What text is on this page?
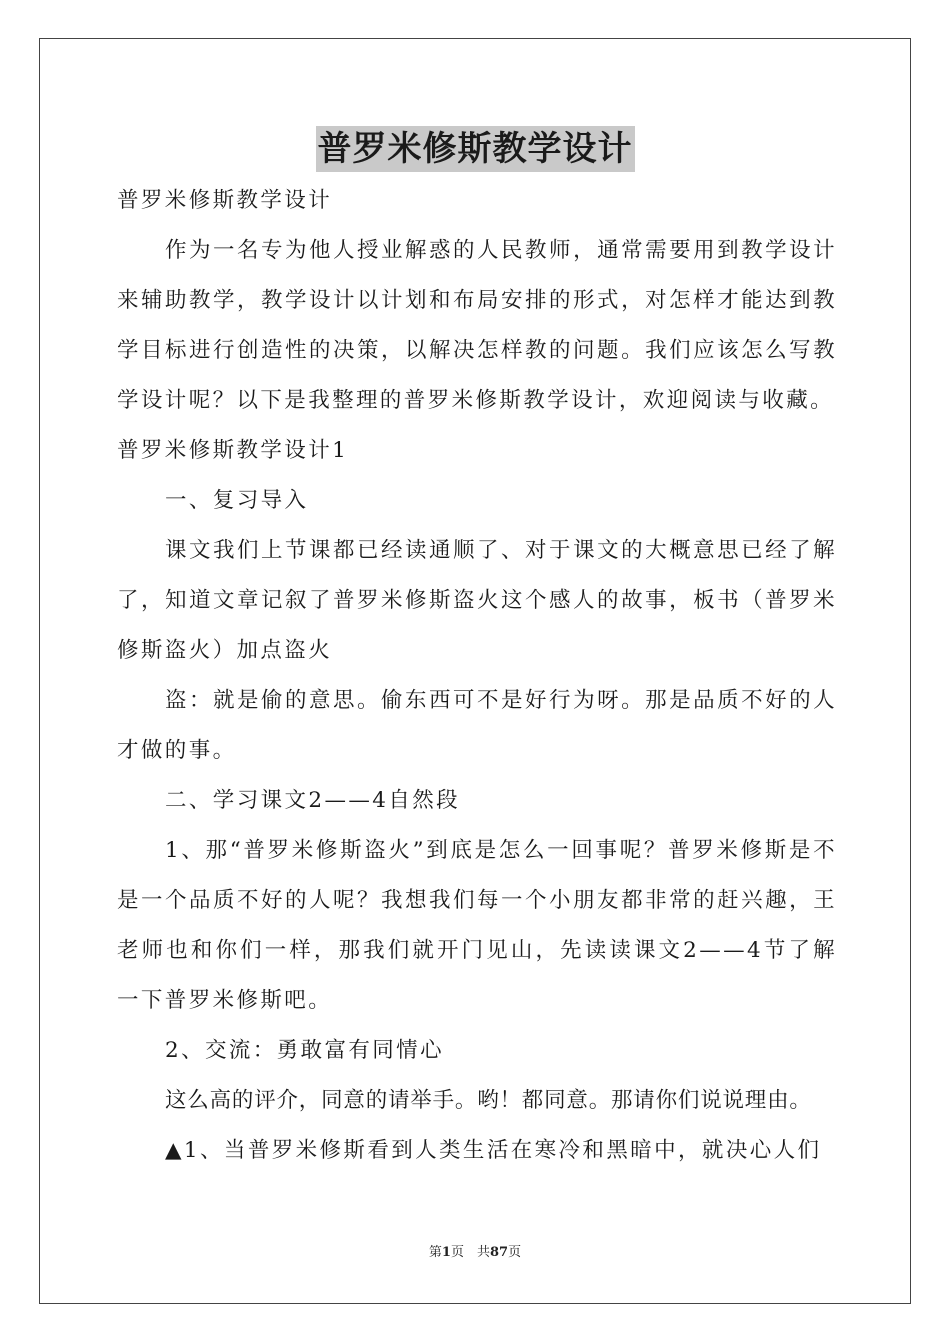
普罗米修斯教学设计

普罗米修斯教学设计

作为一名专为他人授业解惑的人民教师，通常需要用到教学设计来辅助教学，教学设计以计划和布局安排的形式，对怎样才能达到教学目标进行创造性的决策，以解决怎样教的问题。我们应该怎么写教学设计呢？以下是我整理的普罗米修斯教学设计，欢迎阅读与收藏。

普罗米修斯教学设计1

一、复习导入

课文我们上节课都已经读通顺了、对于课文的大概意思已经了解了，知道文章记叙了普罗米修斯盗火这个感人的故事，板书（普罗米修斯盗火）加点盗火

盗：就是偷的意思。偷东西可不是好行为呀。那是品质不好的人才做的事。

二、学习课文2——4自然段

1、那“普罗米修斯盗火”到底是怎么一回事呢？普罗米修斯是不是一个品质不好的人呢？我想我们每一个小朋友都非常的赶兴趣，王老师也和你们一样，那我们就开门见山，先读读课文2——4节了解一下普罗米修斯吧。

2、交流：勇敢富有同情心

这么高的评介，同意的请举手。哟！都同意。那请你们说说理由。

▲1、当普罗米修斯看到人类生活在寒冷和黑暗中，就决心人们

第1页　共87页
